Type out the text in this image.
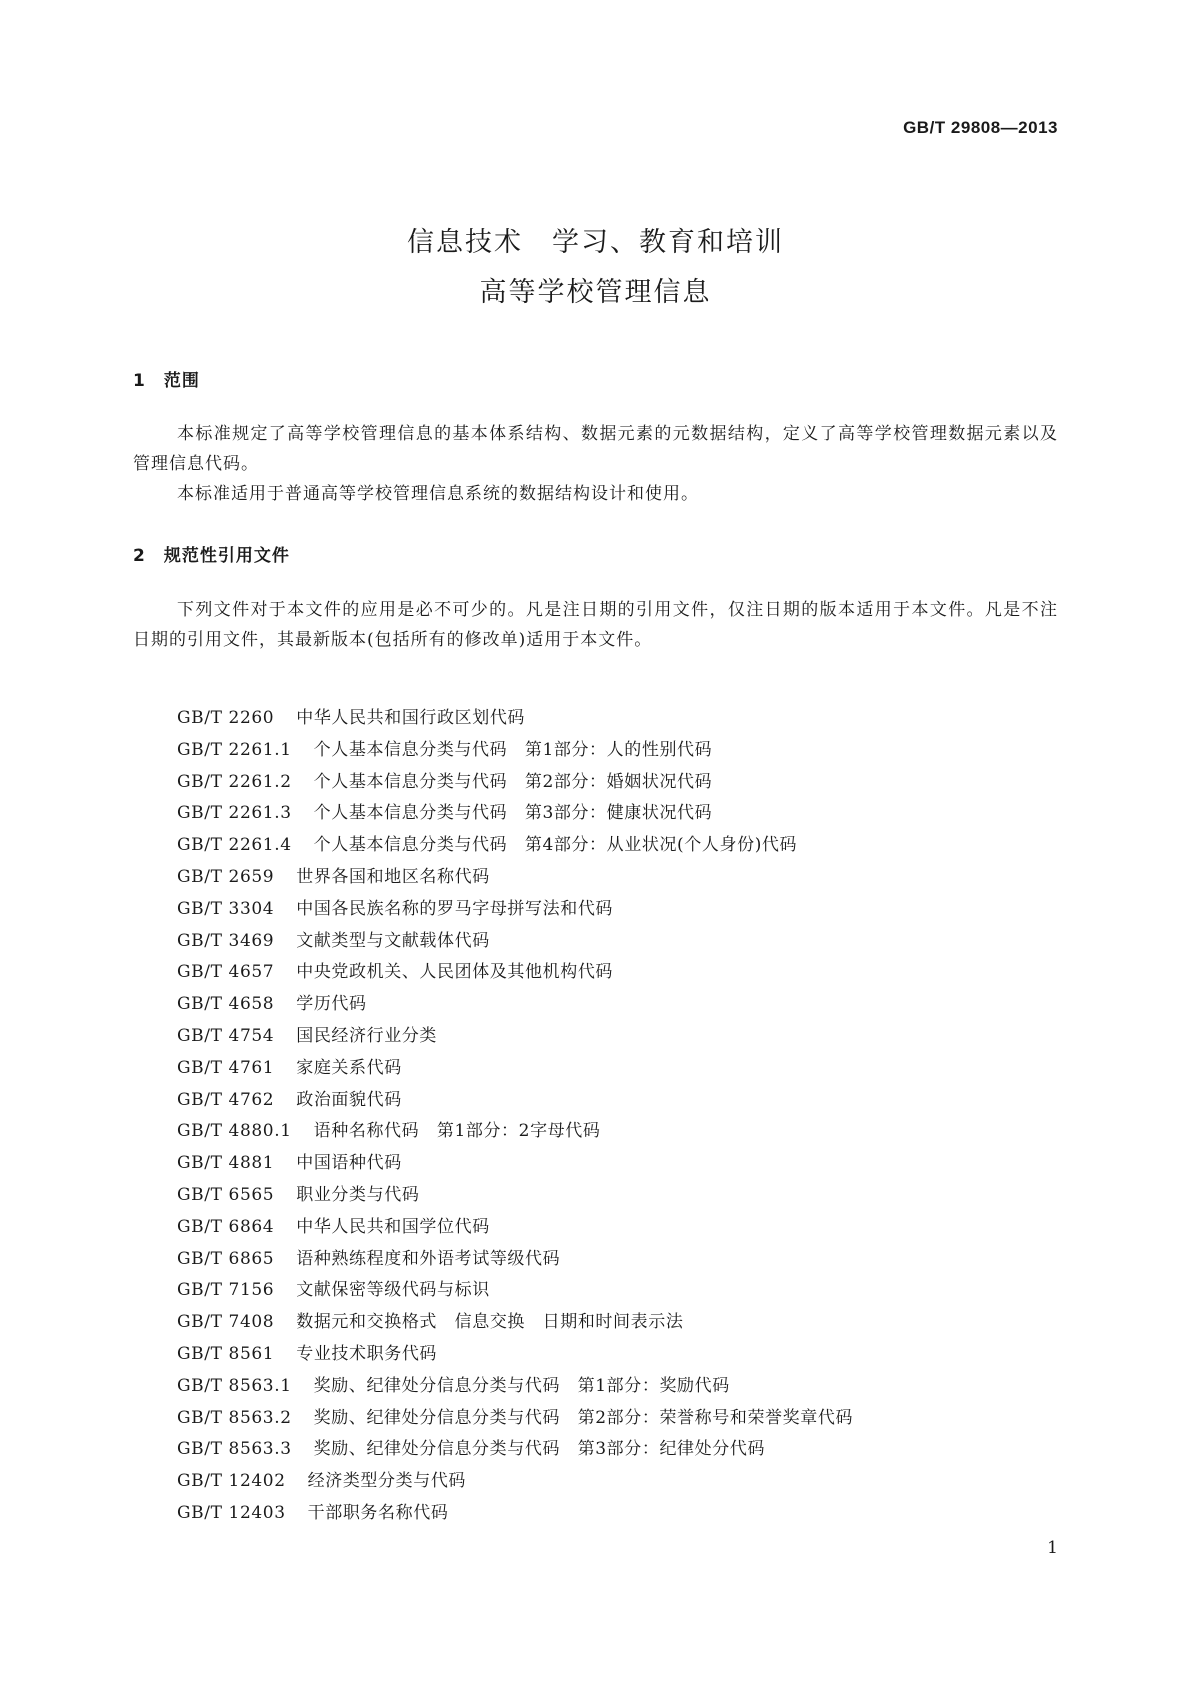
GB/T 29808—2013
信息技术　学习、教育和培训
高等学校管理信息
1　范围
本标准规定了高等学校管理信息的基本体系结构、数据元素的元数据结构，定义了高等学校管理数据元素以及管理信息代码。
本标准适用于普通高等学校管理信息系统的数据结构设计和使用。
2　规范性引用文件
下列文件对于本文件的应用是必不可少的。凡是注日期的引用文件，仅注日期的版本适用于本文件。凡是不注日期的引用文件，其最新版本(包括所有的修改单)适用于本文件。
GB/T 2260 中华人民共和国行政区划代码
GB/T 2261.1 个人基本信息分类与代码　第1部分：人的性别代码
GB/T 2261.2 个人基本信息分类与代码　第2部分：婚姻状况代码
GB/T 2261.3 个人基本信息分类与代码　第3部分：健康状况代码
GB/T 2261.4 个人基本信息分类与代码　第4部分：从业状况(个人身份)代码
GB/T 2659 世界各国和地区名称代码
GB/T 3304 中国各民族名称的罗马字母拼写法和代码
GB/T 3469 文献类型与文献载体代码
GB/T 4657 中央党政机关、人民团体及其他机构代码
GB/T 4658 学历代码
GB/T 4754 国民经济行业分类
GB/T 4761 家庭关系代码
GB/T 4762 政治面貌代码
GB/T 4880.1 语种名称代码　第1部分：2字母代码
GB/T 4881 中国语种代码
GB/T 6565 职业分类与代码
GB/T 6864 中华人民共和国学位代码
GB/T 6865 语种熟练程度和外语考试等级代码
GB/T 7156 文献保密等级代码与标识
GB/T 7408 数据元和交换格式　信息交换　日期和时间表示法
GB/T 8561 专业技术职务代码
GB/T 8563.1 奖励、纪律处分信息分类与代码　第1部分：奖励代码
GB/T 8563.2 奖励、纪律处分信息分类与代码　第2部分：荣誉称号和荣誉奖章代码
GB/T 8563.3 奖励、纪律处分信息分类与代码　第3部分：纪律处分代码
GB/T 12402 经济类型分类与代码
GB/T 12403 干部职务名称代码
1
